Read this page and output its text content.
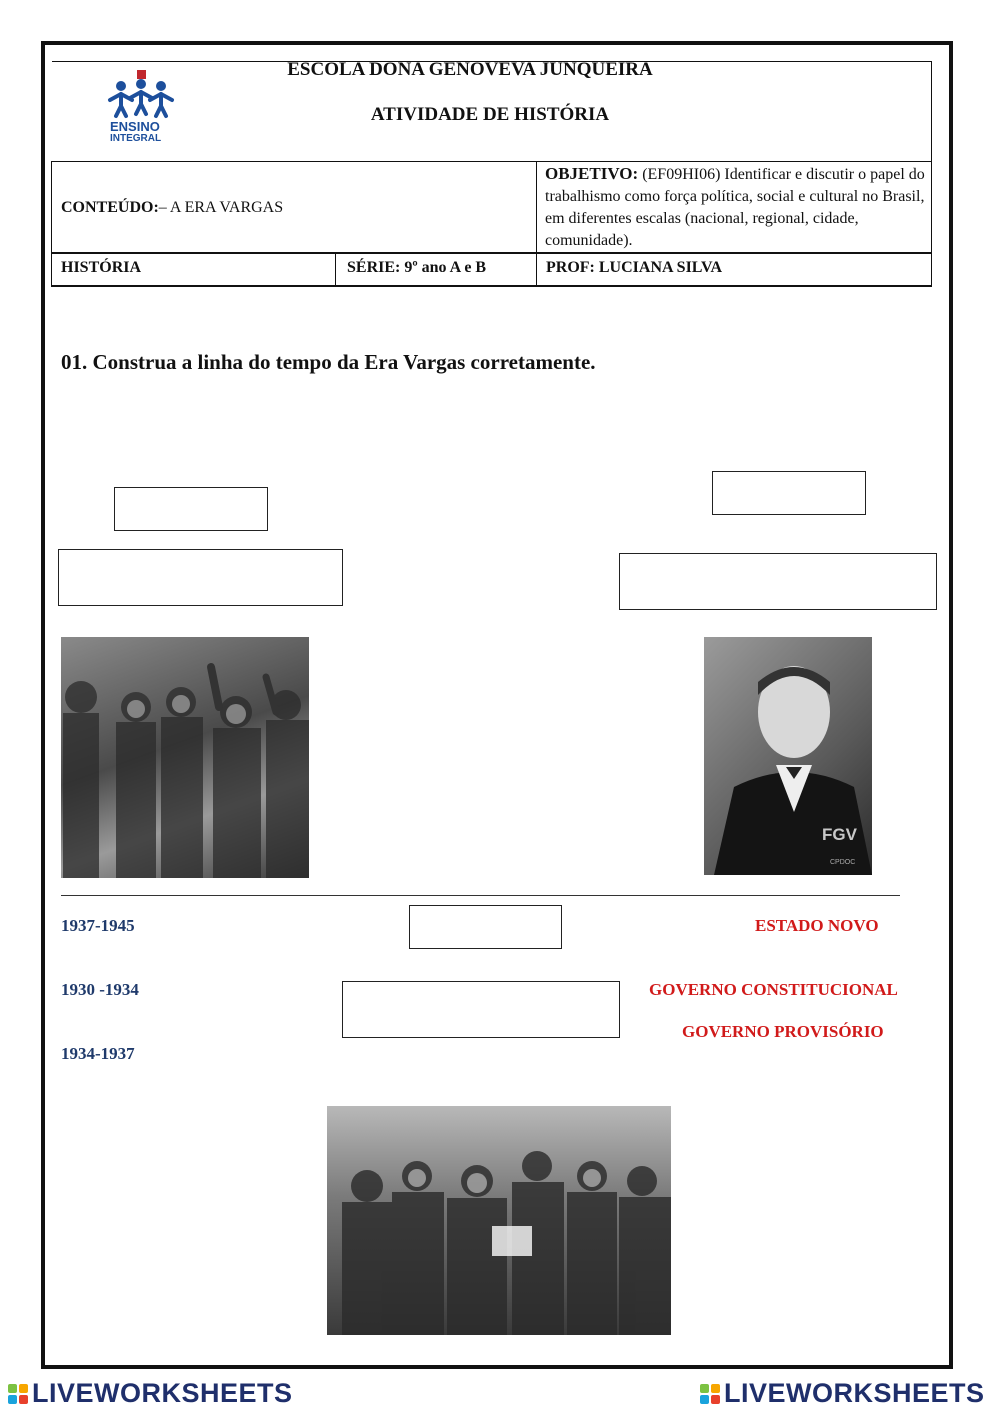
ENSINO
INTEGRAL
ESCOLA DONA GENOVEVA JUNQUEIRA
ATIVIDADE DE HISTÓRIA
CONTEÚDO:– A ERA VARGAS
OBJETIVO: (EF09HI06) Identificar e discutir o papel do trabalhismo como força política, social e cultural no Brasil, em diferentes escalas (nacional, regional, cidade, comunidade).
HISTÓRIA	SÉRIE: 9º ano A e B	PROF: LUCIANA SILVA
01. Construa a linha do tempo da Era Vargas corretamente.
FGV
CPDOC
1937-1945
1930 -1934
1934-1937
ESTADO NOVO
GOVERNO CONSTITUCIONAL
GOVERNO PROVISÓRIO
LIVEWORKSHEETS	LIVEWORKSHEETS
